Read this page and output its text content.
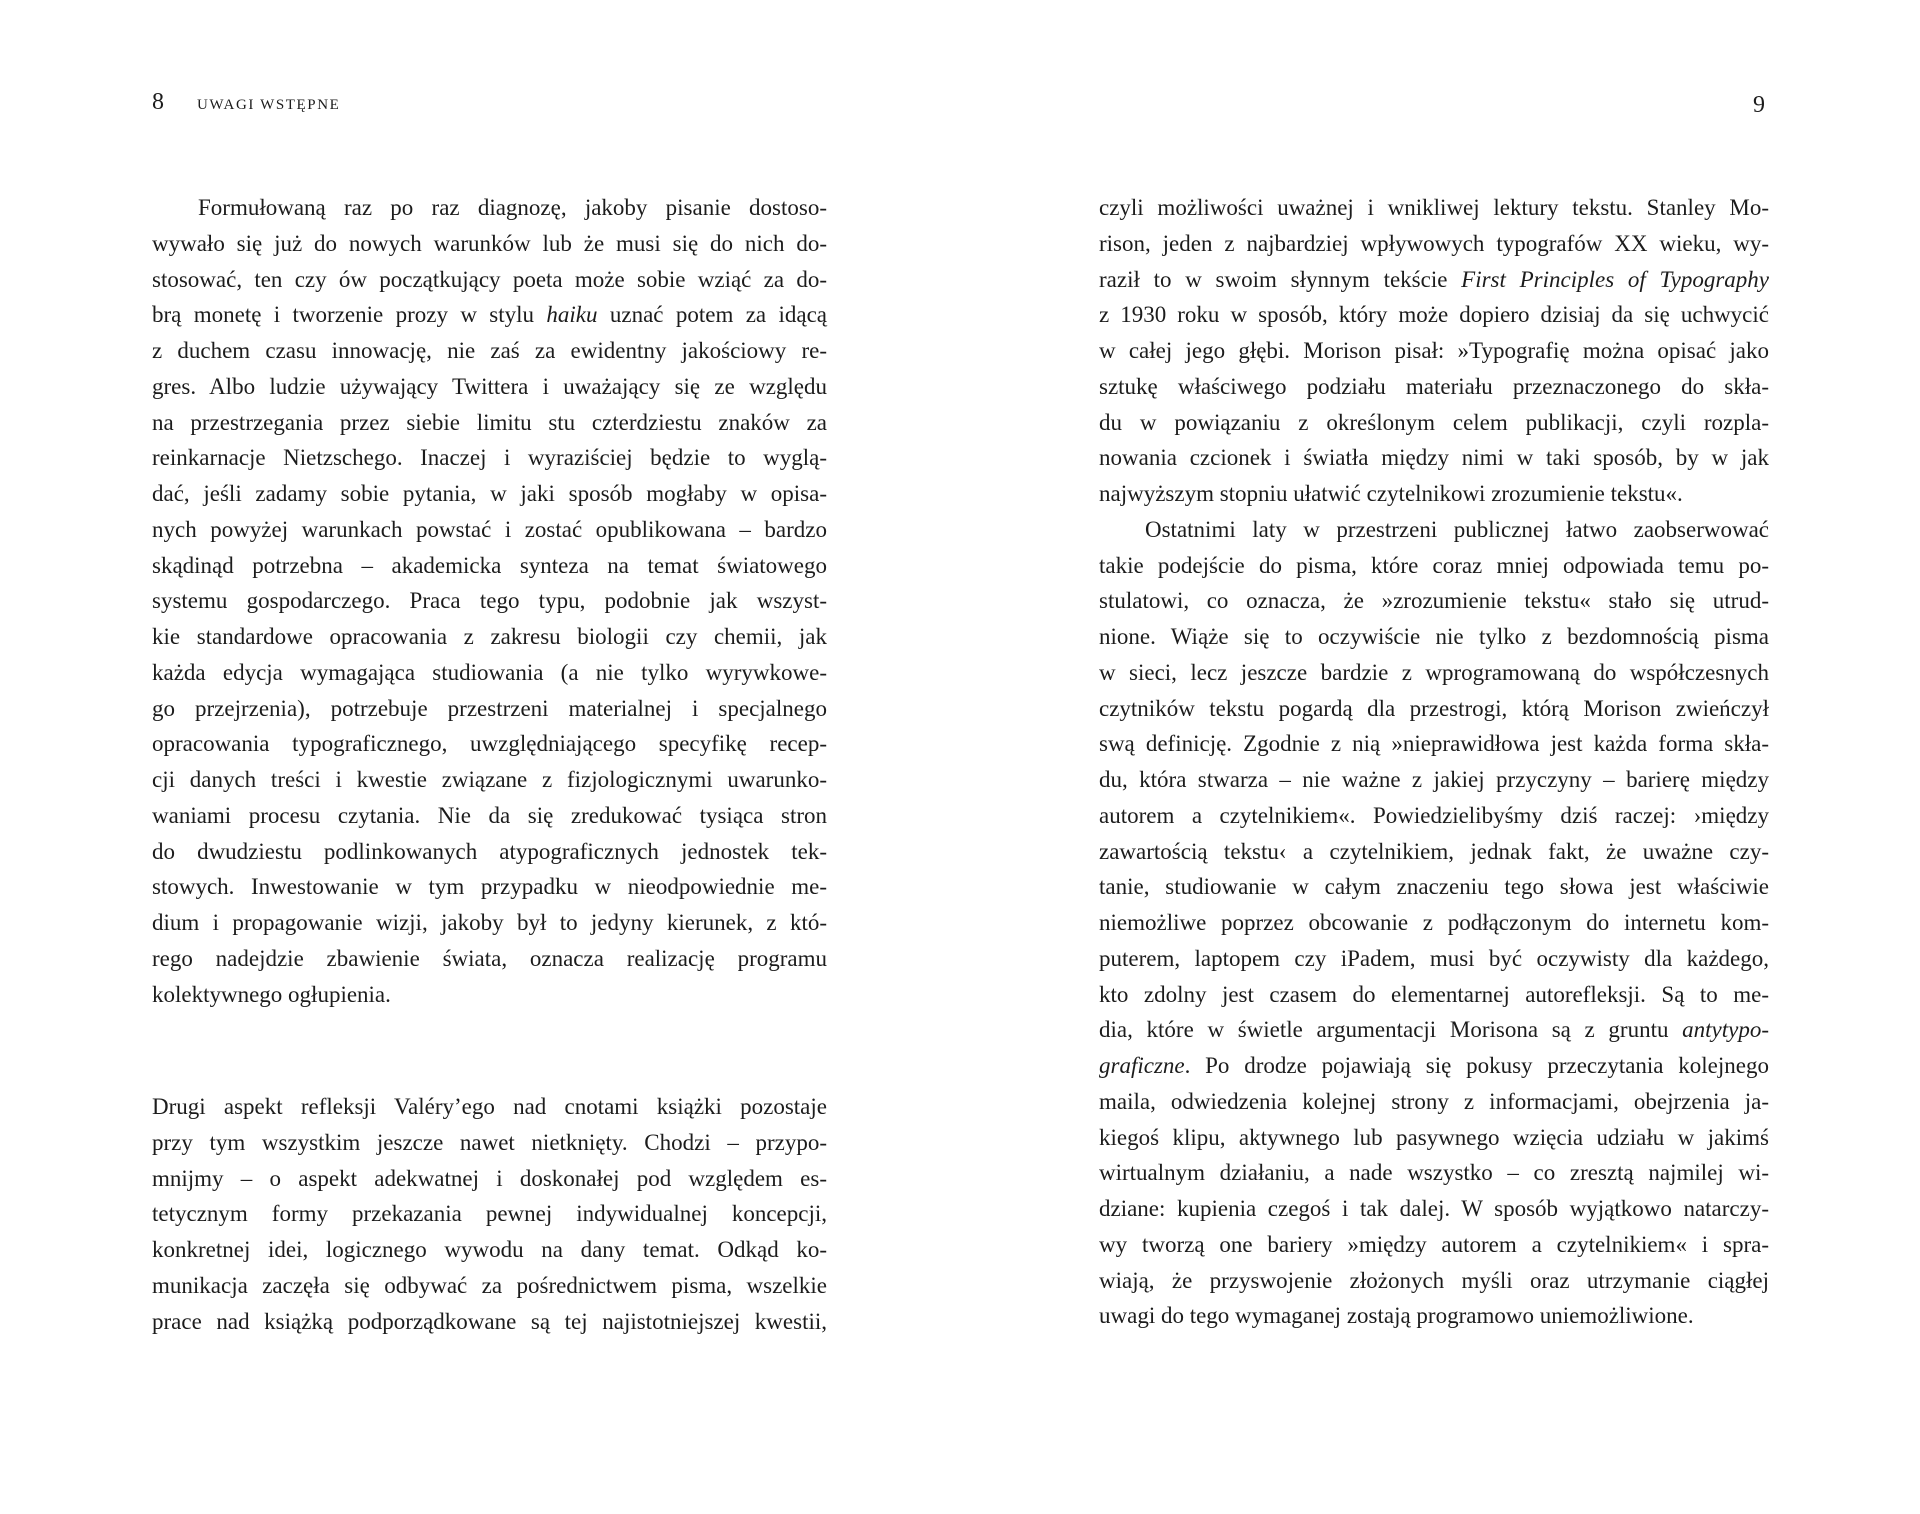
8 UWAGI WSTĘPNE	9
Formułowaną raz po raz diagnozę, jakoby pisanie dostoso-
wywało się już do nowych warunków lub że musi się do nich do-
stosować, ten czy ów początkujący poeta może sobie wziąć za do-
brą monetę i tworzenie prozy w stylu haiku uznać potem za idącą
z duchem czasu innowację, nie zaś za ewidentny jakościowy re-
gres. Albo ludzie używający Twittera i uważający się ze względu
na przestrzegania przez siebie limitu stu czterdziestu znaków za
reinkarnacje Nietzschego. Inaczej i wyraziściej będzie to wyglą-
dać, jeśli zadamy sobie pytania, w jaki sposób mogłaby w opisa-
nych powyżej warunkach powstać i zostać opublikowana – bardzo
skądinąd potrzebna – akademicka synteza na temat światowego
systemu gospodarczego. Praca tego typu, podobnie jak wszyst-
kie standardowe opracowania z zakresu biologii czy chemii, jak
każda edycja wymagająca studiowania (a nie tylko wyrywkowe-
go przejrzenia), potrzebuje przestrzeni materialnej i specjalnego
opracowania typograficznego, uwzględniającego specyfikę recep-
cji danych treści i kwestie związane z fizjologicznymi uwarunko-
waniami procesu czytania. Nie da się zredukować tysiąca stron
do dwudziestu podlinkowanych atypograficznych jednostek tek-
stowych. Inwestowanie w tym przypadku w nieodpowiednie me-
dium i propagowanie wizji, jakoby był to jedyny kierunek, z któ-
rego nadejdzie zbawienie świata, oznacza realizację programu
kolektywnego ogłupienia.
Drugi aspekt refleksji Valéry’ego nad cnotami książki pozostaje
przy tym wszystkim jeszcze nawet nietknięty. Chodzi – przypo-
mnijmy – o aspekt adekwatnej i doskonałej pod względem es-
tetycznym formy przekazania pewnej indywidualnej koncepcji,
konkretnej idei, logicznego wywodu na dany temat. Odkąd ko-
munikacja zaczęła się odbywać za pośrednictwem pisma, wszelkie
prace nad książką podporządkowane są tej najistotniejszej kwestii,
czyli możliwości uważnej i wnikliwej lektury tekstu. Stanley Mo-
rison, jeden z najbardziej wpływowych typografów XX wieku, wy-
raził to w swoim słynnym tekście First Principles of Typography
z 1930 roku w sposób, który może dopiero dzisiaj da się uchwycić
w całej jego głębi. Morison pisał: »Typografię można opisać jako
sztukę właściwego podziału materiału przeznaczonego do skła-
du w powiązaniu z określonym celem publikacji, czyli rozpla-
nowania czcionek i światła między nimi w taki sposób, by w jak
najwyższym stopniu ułatwić czytelnikowi zrozumienie tekstu«.
Ostatnimi laty w przestrzeni publicznej łatwo zaobserwować
takie podejście do pisma, które coraz mniej odpowiada temu po-
stulatowi, co oznacza, że »zrozumienie tekstu« stało się utrud-
nione. Wiąże się to oczywiście nie tylko z bezdomnością pisma
w sieci, lecz jeszcze bardzie z wprogramowaną do współczesnych
czytników tekstu pogardą dla przestrogi, którą Morison zwieńczył
swą definicję. Zgodnie z nią »nieprawidłowa jest każda forma skła-
du, która stwarza – nie ważne z jakiej przyczyny – barierę między
autorem a czytelnikiem«. Powiedzielibyśmy dziś raczej: ›między
zawartością tekstu‹ a czytelnikiem, jednak fakt, że uważne czy-
tanie, studiowanie w całym znaczeniu tego słowa jest właściwie
niemożliwe poprzez obcowanie z podłączonym do internetu kom-
puterem, laptopem czy iPadem, musi być oczywisty dla każdego,
kto zdolny jest czasem do elementarnej autorefleksji. Są to me-
dia, które w świetle argumentacji Morisona są z gruntu antytypo-
graficzne. Po drodze pojawiają się pokusy przeczytania kolejnego
maila, odwiedzenia kolejnej strony z informacjami, obejrzenia ja-
kiegoś klipu, aktywnego lub pasywnego wzięcia udziału w jakimś
wirtualnym działaniu, a nade wszystko – co zresztą najmilej wi-
dziane: kupienia czegoś i tak dalej. W sposób wyjątkowo natarczy-
wy tworzą one bariery »między autorem a czytelnikiem« i spra-
wiają, że przyswojenie złożonych myśli oraz utrzymanie ciągłej
uwagi do tego wymaganej zostają programowo uniemożliwione.
